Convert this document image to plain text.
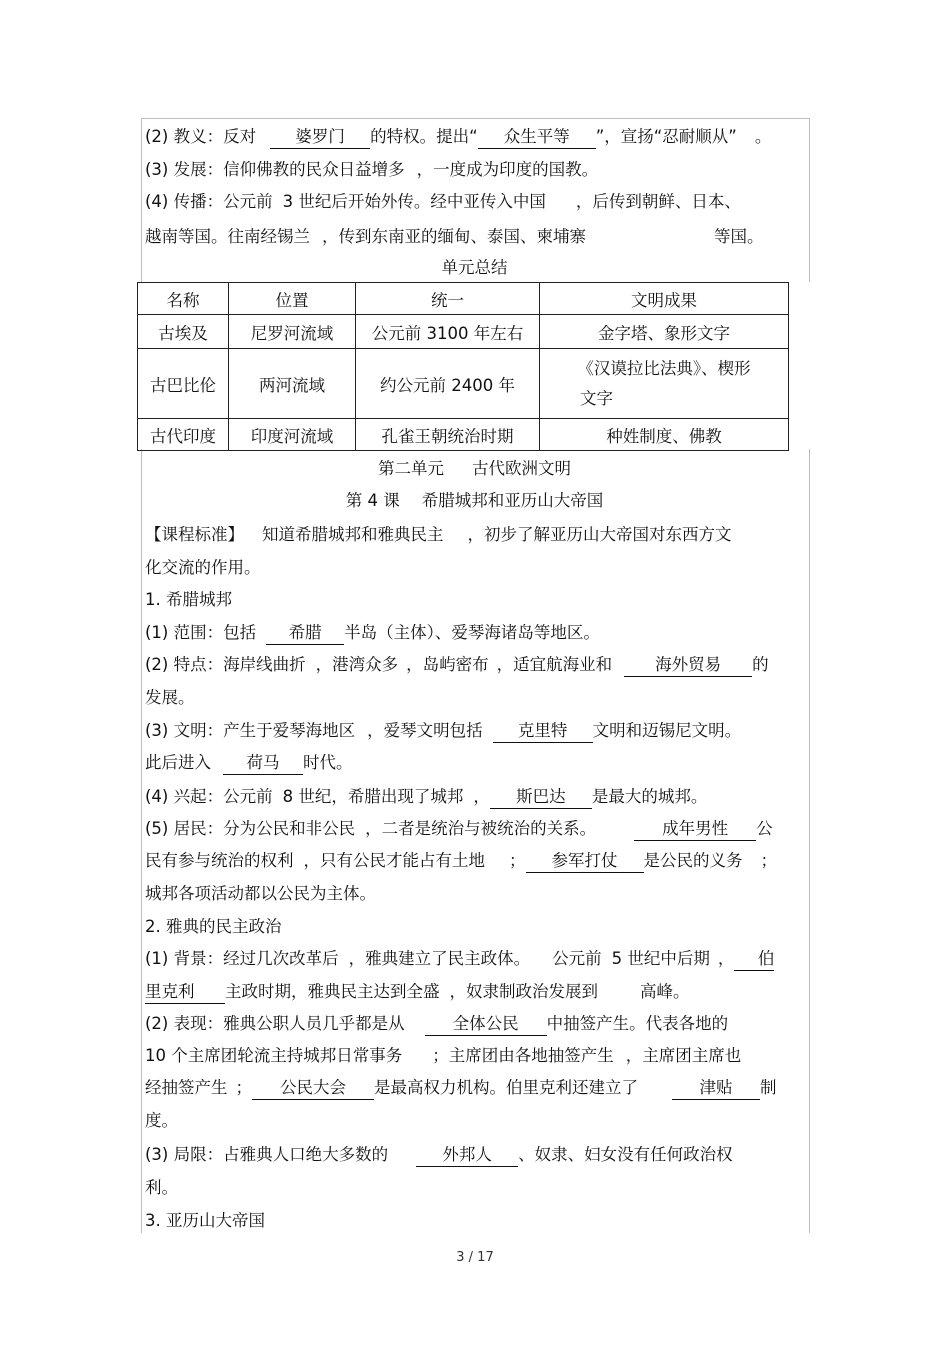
(2) 教义：反对 婆罗门 的特权。提出“ 众生平等 ”，宣扬“忍耐顺从” 。
(3) 发展：信仰佛教的民众日益增多 ，一度成为印度的国教。
(4) 传播：公元前 3 世纪后开始外传。经中亚传入中国 ，后传到朝鲜、日本、
越南等国。往南经锡兰 ，传到东南亚的缅甸、泰国、柬埔寨	等国。
单元总结
名称	位置	统一	文明成果
古埃及	尼罗河流域	公元前 3100 年左右	金字塔、象形文字
古巴比伦	两河流域	约公元前 2400 年	《汉谟拉比法典》、楔形
文字

古代印度	印度河流域	孔雀王朝统治时期	种姓制度、佛教
第二单元 古代欧洲文明
第 4 课 希腊城邦和亚历山大帝国
【课程标准】 知道希腊城邦和雅典民主 ，初步了解亚历山大帝国对东西方文
化交流的作用。
1. 希腊城邦
(1) 范围：包括 希腊 半岛（主体）、爱琴海诸岛等地区。
(2) 特点：海岸线曲折 ，港湾众多 ，岛屿密布 ，适宜航海业和	海外贸易 的
发展。
(3) 文明：产生于爱琴海地区 ，爱琴文明包括 克里特 文明和迈锡尼文明。
此后进入 荷马 时代。
(4) 兴起：公元前 8 世纪，希腊出现了城邦 ， 斯巴达 是最大的城邦。
(5) 居民：分为公民和非公民 ，二者是统治与被统治的关系。	成年男性 公
民有参与统治的权利 ，只有公民才能占有土地 ； 参军打仗 是公民的义务 ；
城邦各项活动都以公民为主体。
2. 雅典的民主政治
(1) 背景：经过几次改革后 ，雅典建立了民主政体。 公元前 5 世纪中后期 ， 伯
里克利 主政时期，雅典民主达到全盛 ，奴隶制政治发展到	高峰。
(2) 表现：雅典公职人员几乎都是从	全体公民 中抽签产生。代表各地的
10 个主席团轮流主持城邦日常事务 ；主席团由各地抽签产生 ，主席团主席也
经抽签产生 ； 公民大会 是最高权力机构。伯里克利还建立了	津贴 制
度。
(3) 局限：占雅典人口绝大多数的	外邦人 、奴隶、妇女没有任何政治权
利。
3. 亚历山大帝国
3 / 17
